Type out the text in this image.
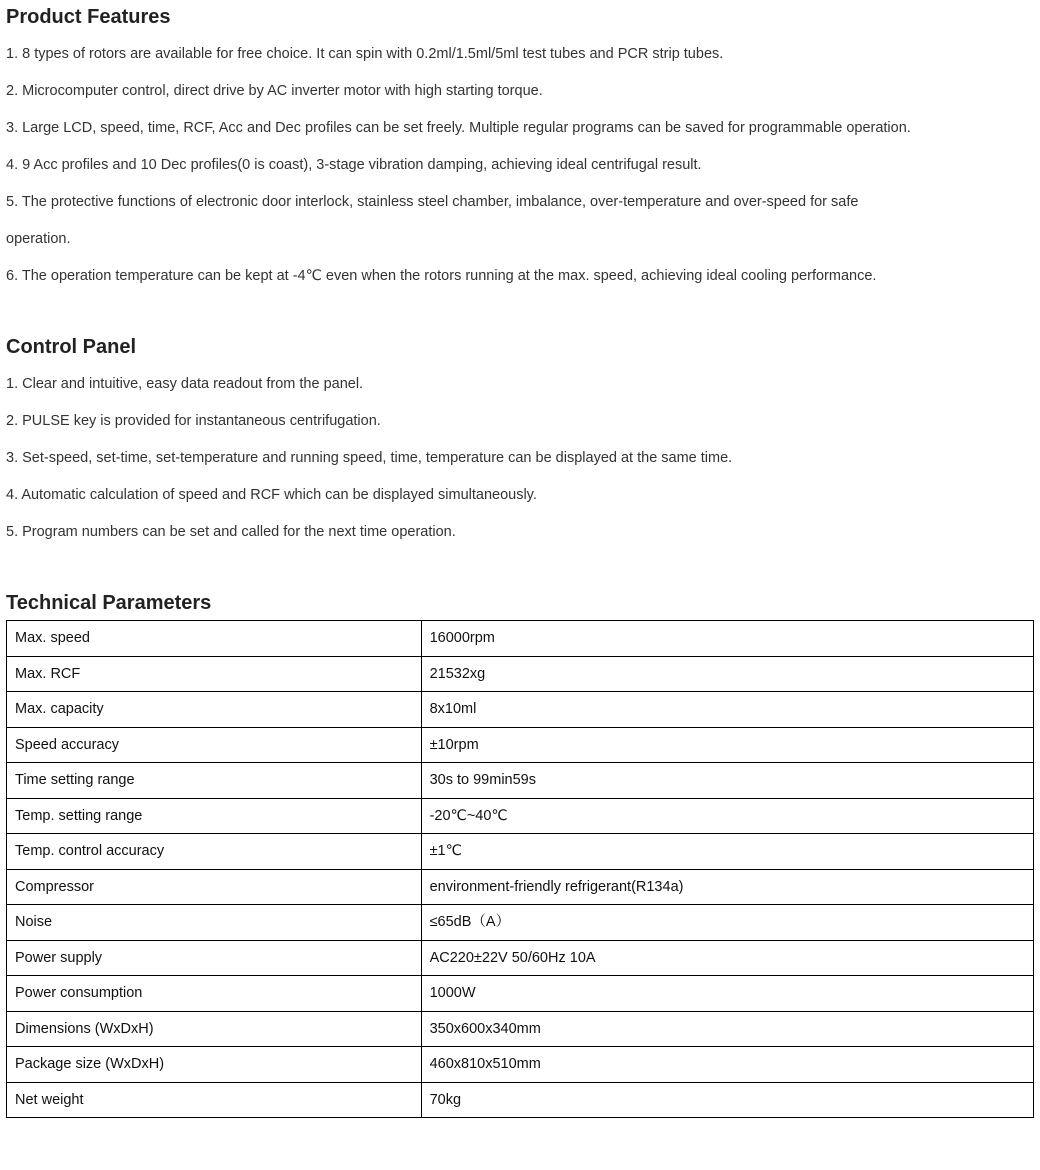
Product Features

1. 8 types of rotors are available for free choice. It can spin with 0.2ml/1.5ml/5ml test tubes and PCR strip tubes.

2. Microcomputer control, direct drive by AC inverter motor with high starting torque.

3. Large LCD, speed, time, RCF, Acc and Dec profiles can be set freely. Multiple regular programs can be saved for programmable operation.

4. 9 Acc profiles and 10 Dec profiles(0 is coast), 3-stage vibration damping, achieving ideal centrifugal result.

5. The protective functions of electronic door interlock, stainless steel chamber, imbalance, over-temperature and over-speed for safe

operation.

6. The operation temperature can be kept at -4℃ even when the rotors running at the max. speed, achieving ideal cooling performance.

Control Panel

1. Clear and intuitive, easy data readout from the panel.

2. PULSE key is provided for instantaneous centrifugation.

3. Set-speed, set-time, set-temperature and running speed, time, temperature can be displayed at the same time.

4. Automatic calculation of speed and RCF which can be displayed simultaneously.

5. Program numbers can be set and called for the next time operation.

Technical Parameters
Max. speed	16000rpm
Max. RCF	21532xg
Max. capacity	8x10ml
Speed accuracy	±10rpm
Time setting range	30s to 99min59s
Temp. setting range	-20℃~40℃
Temp. control accuracy	±1℃
Compressor	environment-friendly refrigerant(R134a)
Noise	≤65dB（A）
Power supply	AC220±22V 50/60Hz 10A
Power consumption	1000W
Dimensions (WxDxH)	350x600x340mm
Package size (WxDxH)	460x810x510mm
Net weight	70kg
